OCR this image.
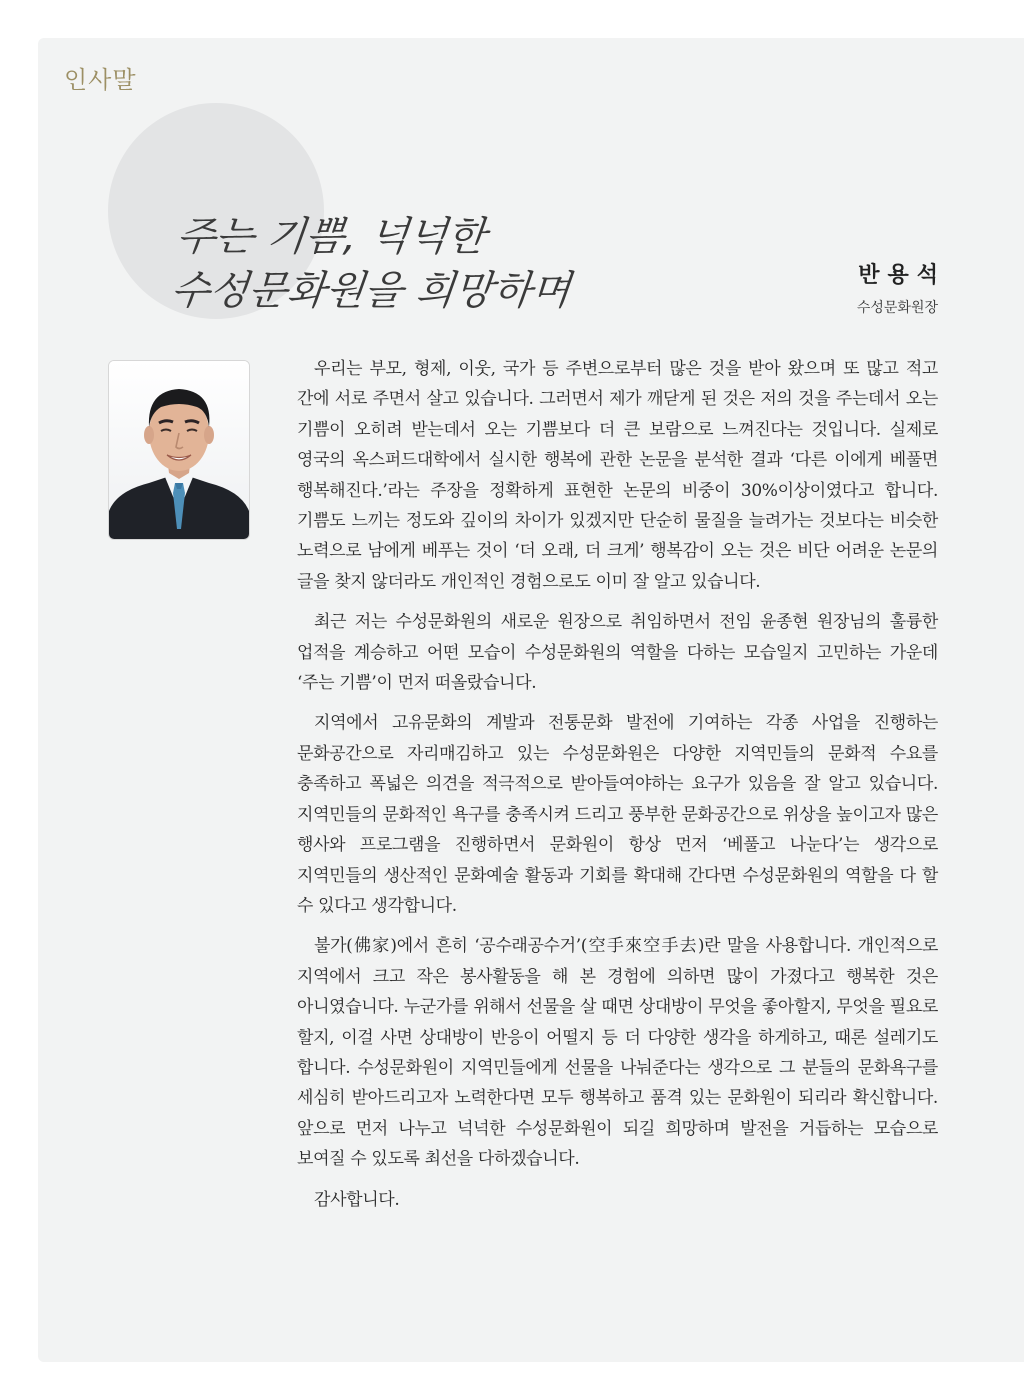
인사말
주는 기쁨, 넉넉한
수성문화원을 희망하며	반용석
수성문화원장

우리는 부모, 형제, 이웃, 국가 등 주변으로부터 많은 것을 받아 왔으며 또 많고 적고 간에 서로 주면서 살고 있습니다. 그러면서 제가 깨닫게 된 것은 저의 것을 주는데서 오는 기쁨이 오히려 받는데서 오는 기쁨보다 더 큰 보람으로 느껴진다는 것입니다. 실제로 영국의 옥스퍼드대학에서 실시한 행복에 관한 논문을 분석한 결과 ‘다른 이에게 베풀면 행복해진다.’라는 주장을 정확하게 표현한 논문의 비중이 30%이상이였다고 합니다. 기쁨도 느끼는 정도와 깊이의 차이가 있겠지만 단순히 물질을 늘려가는 것보다는 비슷한 노력으로 남에게 베푸는 것이 ‘더 오래, 더 크게’ 행복감이 오는 것은 비단 어려운 논문의 글을 찾지 않더라도 개인적인 경험으로도 이미 잘 알고 있습니다.

최근 저는 수성문화원의 새로운 원장으로 취임하면서 전임 윤종현 원장님의 훌륭한 업적을 계승하고 어떤 모습이 수성문화원의 역할을 다하는 모습일지 고민하는 가운데 ‘주는 기쁨’이 먼저 떠올랐습니다.

지역에서 고유문화의 계발과 전통문화 발전에 기여하는 각종 사업을 진행하는 문화공간으로 자리매김하고 있는 수성문화원은 다양한 지역민들의 문화적 수요를 충족하고 폭넓은 의견을 적극적으로 받아들여야하는 요구가 있음을 잘 알고 있습니다. 지역민들의 문화적인 욕구를 충족시켜 드리고 풍부한 문화공간으로 위상을 높이고자 많은 행사와 프로그램을 진행하면서 문화원이 항상 먼저 ‘베풀고 나눈다’는 생각으로 지역민들의 생산적인 문화예술 활동과 기회를 확대해 간다면 수성문화원의 역할을 다 할 수 있다고 생각합니다.

불가(佛家)에서 흔히 ‘공수래공수거’(空手來空手去)란 말을 사용합니다. 개인적으로 지역에서 크고 작은 봉사활동을 해 본 경험에 의하면 많이 가졌다고 행복한 것은 아니였습니다. 누군가를 위해서 선물을 살 때면 상대방이 무엇을 좋아할지, 무엇을 필요로 할지, 이걸 사면 상대방이 반응이 어떨지 등 더 다양한 생각을 하게하고, 때론 설레기도 합니다. 수성문화원이 지역민들에게 선물을 나눠준다는 생각으로 그 분들의 문화욕구를 세심히 받아드리고자 노력한다면 모두 행복하고 품격 있는 문화원이 되리라 확신합니다. 앞으로 먼저 나누고 넉넉한 수성문화원이 되길 희망하며 발전을 거듭하는 모습으로 보여질 수 있도록 최선을 다하겠습니다.

감사합니다.
